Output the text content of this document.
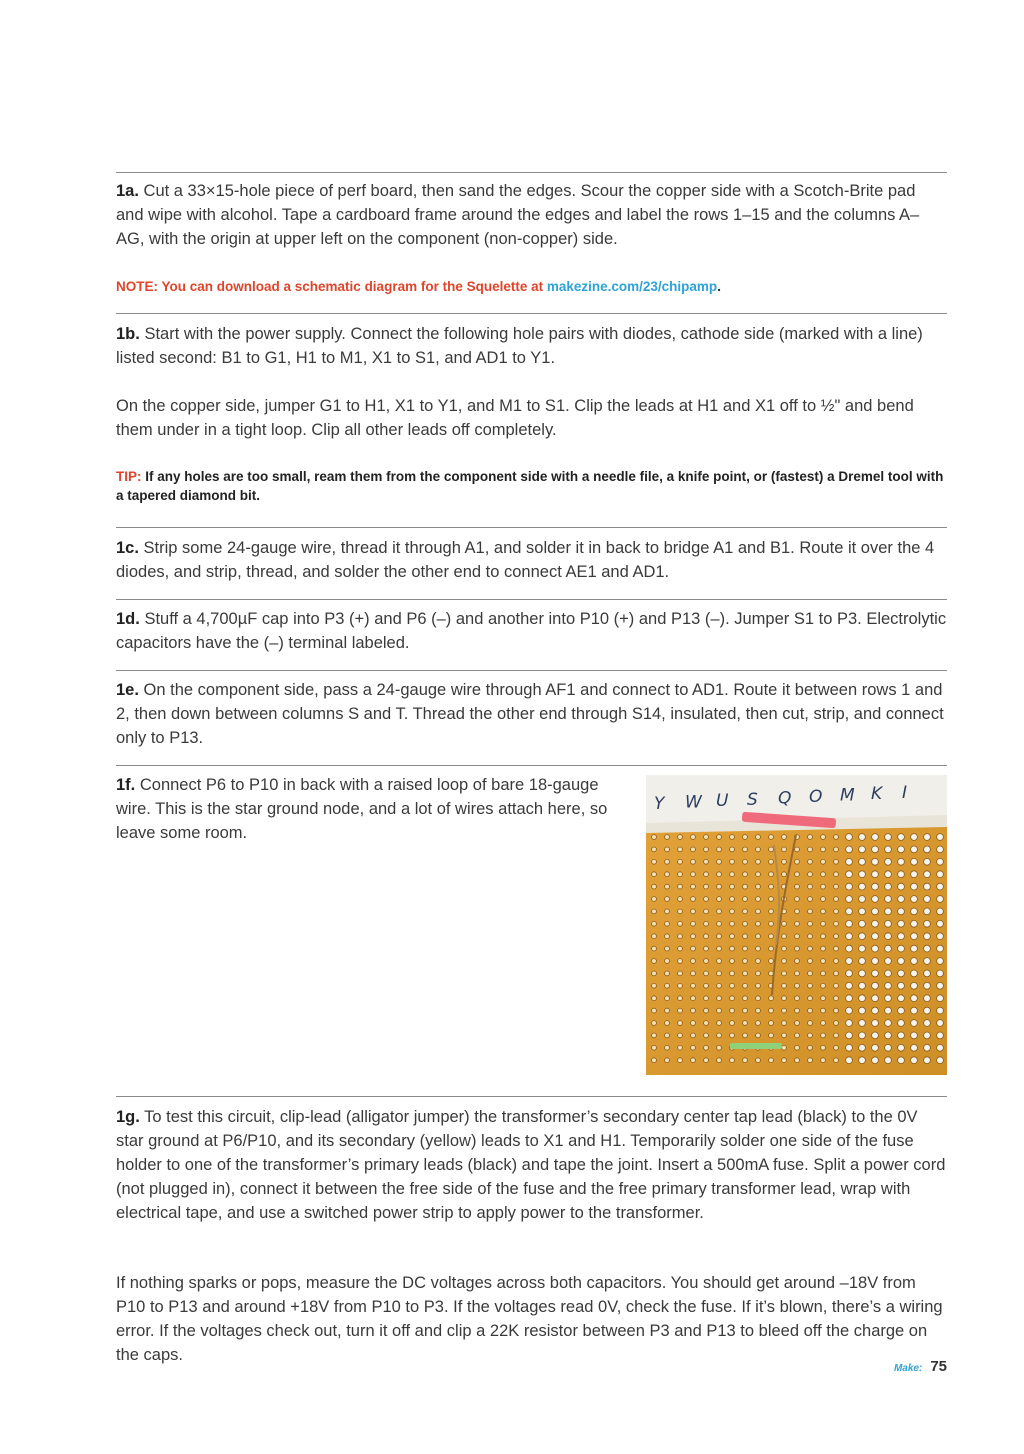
1a. Cut a 33×15-hole piece of perf board, then sand the edges. Scour the copper side with a Scotch-Brite pad and wipe with alcohol. Tape a cardboard frame around the edges and label the rows 1–15 and the columns A–AG, with the origin at upper left on the component (non-copper) side.

NOTE: You can download a schematic diagram for the Squelette at makezine.com/23/chipamp.

1b. Start with the power supply. Connect the following hole pairs with diodes, cathode side (marked with a line) listed second: B1 to G1, H1 to M1, X1 to S1, and AD1 to Y1.

On the copper side, jumper G1 to H1, X1 to Y1, and M1 to S1. Clip the leads at H1 and X1 off to ½" and bend them under in a tight loop. Clip all other leads off completely.

TIP: If any holes are too small, ream them from the component side with a needle file, a knife point, or (fastest) a Dremel tool with a tapered diamond bit.

1c. Strip some 24-gauge wire, thread it through A1, and solder it in back to bridge A1 and B1. Route it over the 4 diodes, and strip, thread, and solder the other end to connect AE1 and AD1.

1d. Stuff a 4,700µF cap into P3 (+) and P6 (–) and another into P10 (+) and P13 (–). Jumper S1 to P3. Electrolytic capacitors have the (–) terminal labeled.

1e. On the component side, pass a 24-gauge wire through AF1 and connect to AD1. Route it between rows 1 and 2, then down between columns S and T. Thread the other end through S14, insulated, then cut, strip, and connect only to P13.

1f. Connect P6 to P10 in back with a raised loop of bare 18-gauge wire. This is the star ground node, and a lot of wires attach here, so leave some room.

Y W U S Q O M K I

1g. To test this circuit, clip-lead (alligator jumper) the transformer’s secondary center tap lead (black) to the 0V star ground at P6/P10, and its secondary (yellow) leads to X1 and H1. Temporarily solder one side of the fuse holder to one of the transformer’s primary leads (black) and tape the joint. Insert a 500mA fuse. Split a power cord (not plugged in), connect it between the free side of the fuse and the free primary transformer lead, wrap with electrical tape, and use a switched power strip to apply power to the transformer.

If nothing sparks or pops, measure the DC voltages across both capacitors. You should get around –18V from P10 to P13 and around +18V from P10 to P3. If the voltages read 0V, check the fuse. If it’s blown, there’s a wiring error. If the voltages check out, turn it off and clip a 22K resistor between P3 and P13 to bleed off the charge on the caps.

Make: 75
